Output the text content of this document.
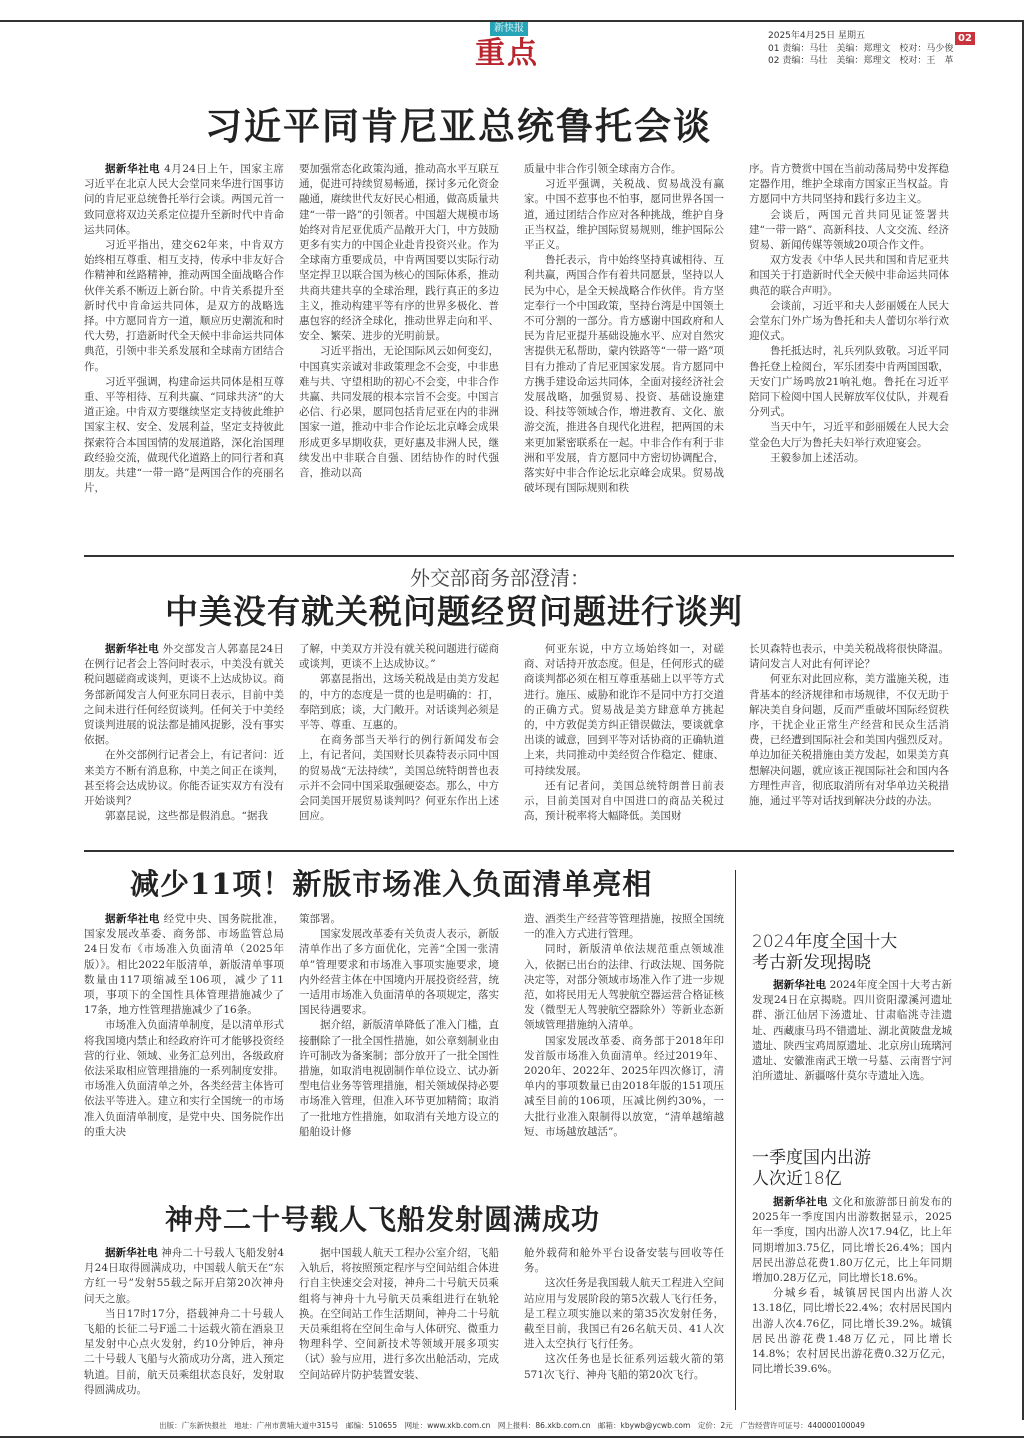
新快报
重点	2025年4月25日 星期五
01 责编：马壮　美编：郑理文　校对：马少俊
02 责编：马壮　美编：郑理文　校对：王　革
02
习近平同肯尼亚总统鲁托会谈

据新华社电 4月24日上午，国家主席习近平在北京人民大会堂同来华进行国事访问的肯尼亚总统鲁托举行会谈。两国元首一致同意将双边关系定位提升至新时代中肯命运共同体。

习近平指出，建交62年来，中肯双方始终相互尊重、相互支持，传承中非友好合作精神和丝路精神，推动两国全面战略合作伙伴关系不断迈上新台阶。中肯关系提升至新时代中肯命运共同体，是双方的战略选择。中方愿同肯方一道，顺应历史潮流和时代大势，打造新时代全天候中非命运共同体典范，引领中非关系发展和全球南方团结合作。

习近平强调，构建命运共同体是相互尊重、平等相待、互利共赢、“同球共济”的大道正途。中肯双方要继续坚定支持彼此维护国家主权、安全、发展利益，坚定支持彼此探索符合本国国情的发展道路，深化治国理政经验交流，做现代化道路上的同行者和真朋友。共建“一带一路”是两国合作的亮丽名片，

要加强常态化政策沟通，推动高水平互联互通，促进可持续贸易畅通，探讨多元化资金融通，赓续世代友好民心相通，做高质量共建“一带一路”的引领者。中国超大规模市场始终对肯尼亚优质产品敞开大门，中方鼓励更多有实力的中国企业赴肯投资兴业。作为全球南方重要成员，中肯两国要以实际行动坚定捍卫以联合国为核心的国际体系，推动共商共建共享的全球治理，践行真正的多边主义，推动构建平等有序的世界多极化、普惠包容的经济全球化，推动世界走向和平、安全、繁荣、进步的光明前景。

习近平指出，无论国际风云如何变幻，中国真实亲诚对非政策理念不会变，中非患难与共、守望相助的初心不会变，中非合作共赢、共同发展的根本宗旨不会变。中国言必信、行必果，愿同包括肯尼亚在内的非洲国家一道，推动中非合作论坛北京峰会成果形成更多早期收获，更好惠及非洲人民，继续发出中非联合自强、团结协作的时代强音，推动以高

质量中非合作引领全球南方合作。

习近平强调，关税战、贸易战没有赢家。中国不惹事也不怕事，愿同世界各国一道，通过团结合作应对各种挑战，维护自身正当权益，维护国际贸易规则，维护国际公平正义。

鲁托表示，肯中始终坚持真诚相待、互利共赢，两国合作有着共同愿景，坚持以人民为中心，是全天候战略合作伙伴。肯方坚定奉行一个中国政策，坚持台湾是中国领土不可分割的一部分。肯方感谢中国政府和人民为肯尼亚提升基础设施水平、应对自然灾害提供无私帮助，蒙内铁路等“一带一路”项目有力推动了肯尼亚国家发展。肯方愿同中方携手建设命运共同体，全面对接经济社会发展战略，加强贸易、投资、基础设施建设、科技等领域合作，增进教育、文化、旅游交流，推进各自现代化进程，把两国的未来更加紧密联系在一起。中非合作有利于非洲和平发展，肯方愿同中方密切协调配合，落实好中非合作论坛北京峰会成果。贸易战破坏现有国际规则和秩

序。肯方赞赏中国在当前动荡局势中发挥稳定器作用，维护全球南方国家正当权益。肯方愿同中方共同坚持和践行多边主义。

会谈后，两国元首共同见证签署共建“一带一路”、高新科技、人文交流、经济贸易、新闻传媒等领域20项合作文件。

双方发表《中华人民共和国和肯尼亚共和国关于打造新时代全天候中非命运共同体典范的联合声明》。

会谈前，习近平和夫人彭丽媛在人民大会堂东门外广场为鲁托和夫人蕾切尔举行欢迎仪式。

鲁托抵达时，礼兵列队致敬。习近平同鲁托登上检阅台，军乐团奏中肯两国国歌，天安门广场鸣放21响礼炮。鲁托在习近平陪同下检阅中国人民解放军仪仗队，并观看分列式。

当天中午，习近平和彭丽媛在人民大会堂金色大厅为鲁托夫妇举行欢迎宴会。

王毅参加上述活动。

外交部商务部澄清：
中美没有就关税问题经贸问题进行谈判

据新华社电 外交部发言人郭嘉昆24日在例行记者会上答问时表示，中美没有就关税问题磋商或谈判，更谈不上达成协议。商务部新闻发言人何亚东同日表示，目前中美之间未进行任何经贸谈判。任何关于中美经贸谈判进展的说法都是捕风捉影，没有事实依据。

在外交部例行记者会上，有记者问：近来美方不断有消息称，中美之间正在谈判，甚至将会达成协议。你能否证实双方有没有开始谈判？

郭嘉昆说，这些都是假消息。“据我

了解，中美双方并没有就关税问题进行磋商或谈判，更谈不上达成协议。”

郭嘉昆指出，这场关税战是由美方发起的，中方的态度是一贯的也是明确的：打，奉陪到底；谈，大门敞开。对话谈判必须是平等、尊重、互惠的。

在商务部当天举行的例行新闻发布会上，有记者问，美国财长贝森特表示同中国的贸易战“无法持续”，美国总统特朗普也表示并不会同中国采取强硬姿态。那么，中方会同美国开展贸易谈判吗？何亚东作出上述回应。

何亚东说，中方立场始终如一，对磋商、对话持开放态度。但是，任何形式的磋商谈判都必须在相互尊重基础上以平等方式进行。施压、威胁和讹诈不是同中方打交道的正确方式。贸易战是美方肆意单方挑起的，中方敦促美方纠正错误做法，要谈就拿出谈的诚意，回到平等对话协商的正确轨道上来，共同推动中美经贸合作稳定、健康、可持续发展。

还有记者问，美国总统特朗普日前表示，目前美国对自中国进口的商品关税过高，预计税率将大幅降低。美国财

长贝森特也表示，中美关税战将很快降温。请问发言人对此有何评论？

何亚东对此回应称，美方滥施关税，违背基本的经济规律和市场规律，不仅无助于解决美自身问题，反而严重破坏国际经贸秩序，干扰企业正常生产经营和民众生活消费，已经遭到国际社会和美国内强烈反对。单边加征关税措施由美方发起，如果美方真想解决问题，就应该正视国际社会和国内各方理性声音，彻底取消所有对华单边关税措施，通过平等对话找到解决分歧的办法。

减少11项！新版市场准入负面清单亮相

据新华社电 经党中央、国务院批准，国家发展改革委、商务部、市场监管总局24日发布《市场准入负面清单（2025年版）》。相比2022年版清单，新版清单事项数量由117项缩减至106项，减少了11项，事项下的全国性具体管理措施减少了17条，地方性管理措施减少了16条。

市场准入负面清单制度，是以清单形式将我国境内禁止和经政府许可才能够投资经营的行业、领域、业务汇总列出，各级政府依法采取相应管理措施的一系列制度安排。市场准入负面清单之外，各类经营主体皆可依法平等进入。建立和实行全国统一的市场准入负面清单制度，是党中央、国务院作出的重大决

策部署。

国家发展改革委有关负责人表示，新版清单作出了多方面优化，完善“全国一张清单”管理要求和市场准入事项实施要求，境内外经营主体在中国境内开展投资经营，统一适用市场准入负面清单的各项规定，落实国民待遇要求。

据介绍，新版清单降低了准入门槛，直接删除了一批全国性措施，如公章刻制业由许可制改为备案制；部分放开了一批全国性措施，如取消电视剧制作单位设立、试办新型电信业务等管理措施，相关领域保持必要市场准入管理，但准入环节更加精简；取消了一批地方性措施，如取消有关地方设立的船舶设计修

造、酒类生产经营等管理措施，按照全国统一的准入方式进行管理。

同时，新版清单依法规范重点领域准入，依据已出台的法律、行政法规、国务院决定等，对部分领域市场准入作了进一步规范，如将民用无人驾驶航空器运营合格证核发（微型无人驾驶航空器除外）等新业态新领域管理措施纳入清单。

国家发展改革委、商务部于2018年印发首版市场准入负面清单。经过2019年、2020年、2022年、2025年四次修订，清单内的事项数量已由2018年版的151项压减至目前的106项，压减比例约30%，一大批行业准入限制得以放宽，“清单越缩越短、市场越放越活”。

神舟二十号载人飞船发射圆满成功

据新华社电 神舟二十号载人飞船发射4月24日取得圆满成功，中国载人航天在“东方红一号”发射55载之际开启第20次神舟问天之旅。

当日17时17分，搭载神舟二十号载人飞船的长征二号F遥二十运载火箭在酒泉卫星发射中心点火发射，约10分钟后，神舟二十号载人飞船与火箭成功分离，进入预定轨道。目前，航天员乘组状态良好，发射取得圆满成功。

据中国载人航天工程办公室介绍，飞船入轨后，将按照预定程序与空间站组合体进行自主快速交会对接，神舟二十号航天员乘组将与神舟十九号航天员乘组进行在轨轮换。在空间站工作生活期间，神舟二十号航天员乘组将在空间生命与人体研究、微重力物理科学、空间新技术等领域开展多项实（试）验与应用，进行多次出舱活动，完成空间站碎片防护装置安装、

舱外载荷和舱外平台设备安装与回收等任务。

这次任务是我国载人航天工程进入空间站应用与发展阶段的第5次载人飞行任务，是工程立项实施以来的第35次发射任务，截至目前，我国已有26名航天员、41人次进入太空执行飞行任务。

这次任务也是长征系列运载火箭的第571次飞行、神舟飞船的第20次飞行。

2024年度全国十大
考古新发现揭晓

据新华社电 2024年度全国十大考古新发现24日在京揭晓。四川资阳濛溪河遗址群、浙江仙居下汤遗址、甘肃临洮寺洼遗址、西藏康马玛不错遗址、湖北黄陂盘龙城遗址、陕西宝鸡周原遗址、北京房山琉璃河遗址、安徽淮南武王墩一号墓、云南晋宁河泊所遗址、新疆喀什莫尔寺遗址入选。

一季度国内出游
人次近18亿

据新华社电 文化和旅游部日前发布的2025年一季度国内出游数据显示，2025年一季度，国内出游人次17.94亿，比上年同期增加3.75亿，同比增长26.4%；国内居民出游总花费1.80万亿元，比上年同期增加0.28万亿元，同比增长18.6%。

分城乡看，城镇居民国内出游人次13.18亿，同比增长22.4%；农村居民国内出游人次4.76亿，同比增长39.2%。城镇居民出游花费1.48万亿元，同比增长14.8%；农村居民出游花费0.32万亿元，同比增长39.6%。

出版：广东新快报社　地址：广州市黄埔大道中315号　邮编：510655　网址：www.xkb.com.cn　网上报料：86.xkb.com.cn　邮箱：kbywb@ycwb.com　定价：2元　广告经营许可证号：440000100049
